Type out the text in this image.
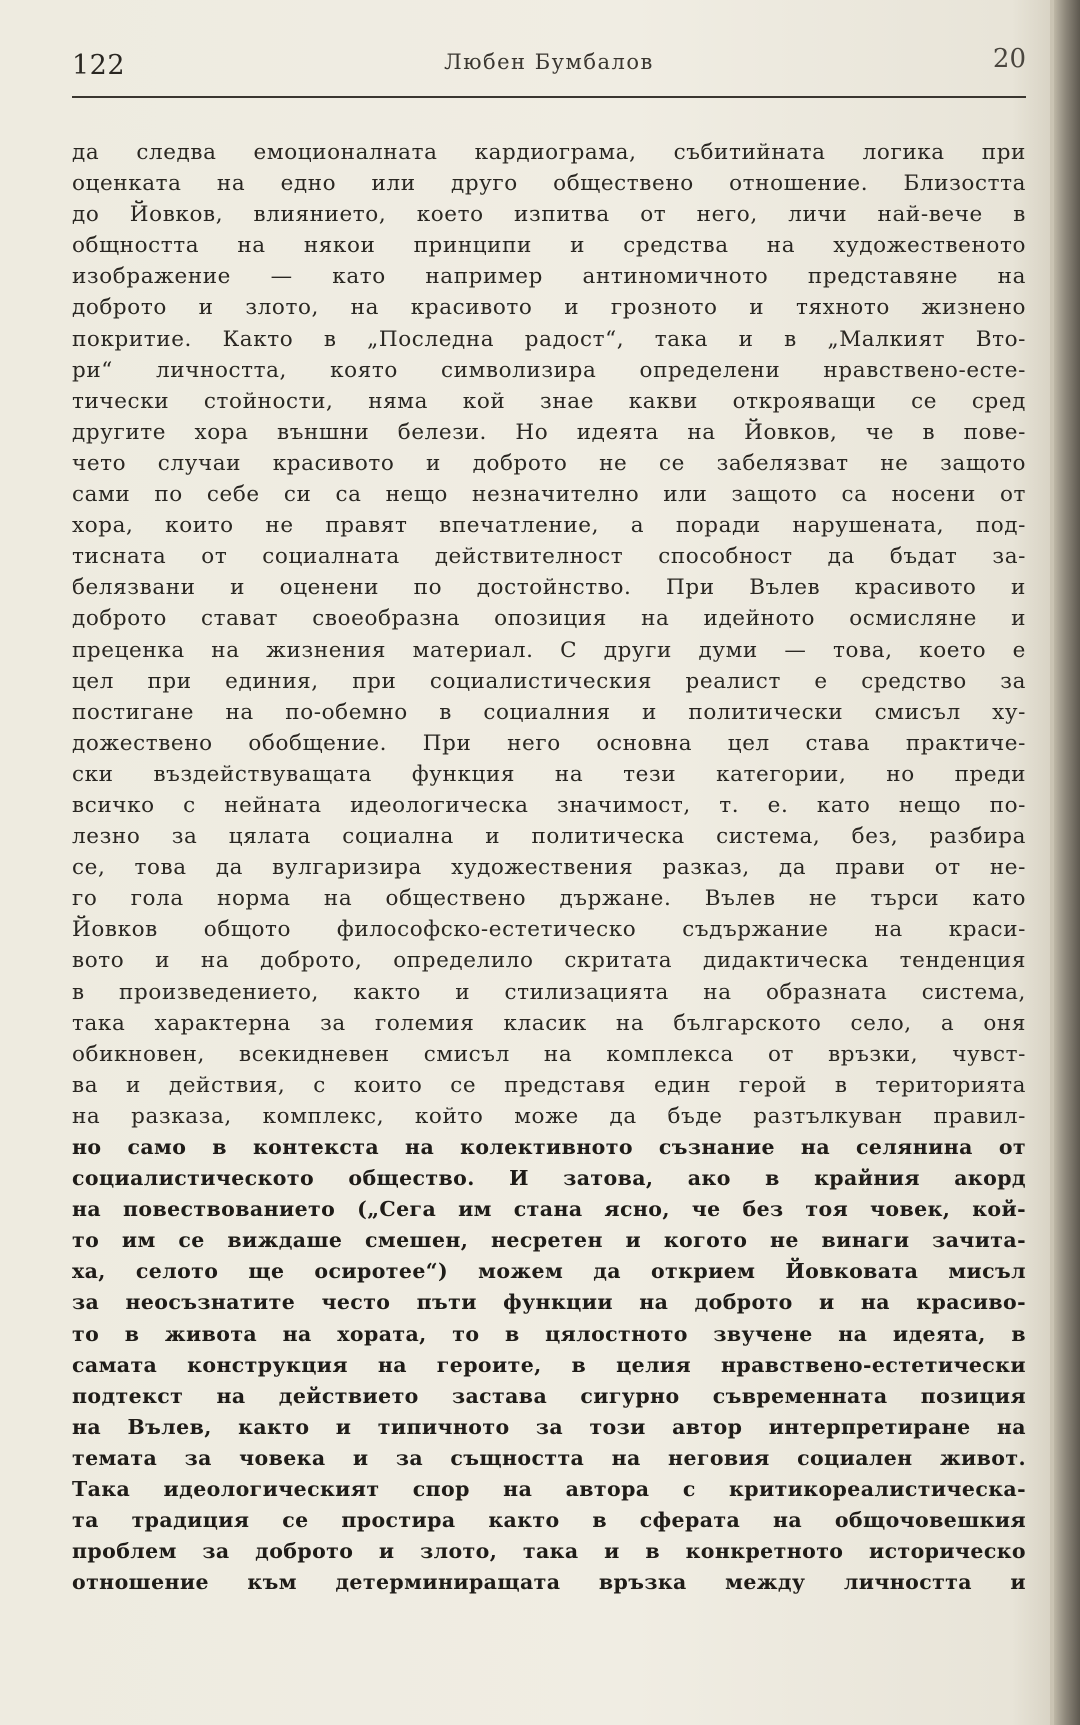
122	Любен Бумбалов	20
да следва емоционалната кардиограма, събитийната логика при
оценката на едно или друго обществено отношение. Близостта
до Йовков, влиянието, което изпитва от него, личи най-вече в
общността на някои принципи и средства на художественото
изображение — като например антиномичното представяне на
доброто и злото, на красивото и грозното и тяхното жизнено
покритие. Както в „Последна радост“, така и в „Малкият Вто-
ри“ личността, която символизира определени нравствено-есте-
тически стойности, няма кой знае какви открояващи се сред
другите хора външни белези. Но идеята на Йовков, че в пове-
чето случаи красивото и доброто не се забелязват не защото
сами по себе си са нещо незначително или защото са носени от
хора, които не правят впечатление, а поради нарушената, под-
тиснатa от социалната действителност способност да бъдат за-
белязвани и оценени по достойнство. При Вълев красивото и
доброто стават своеобразна опозиция на идейното осмисляне и
преценка на жизнения материал. С други думи — това, което е
цел при единия, при социалистическия реалист е средство за
постигане на по-обемно в социалния и политически смисъл ху-
дожествено обобщение. При него основна цел става практиче-
ски въздействуващата функция на тези категории, но преди
всичко с нейната идеологическа значимост, т. е. като нещо по-
лезно за цялата социална и политическа система, без, разбира
се, това да вулгаризира художествения разказ, да прави от не-
го гола норма на обществено държане. Вълев не търси като
Йовков общото философско-естетическо съдържание на краси-
вото и на доброто, определило скритата дидактическа тенденция
в произведението, както и стилизацията на образната система,
така характерна за големия класик на българското село, а оня
обикновен, всекидневен смисъл на комплекса от връзки, чувст-
ва и действия, с които се представя един герой в територията
на разказа, комплекс, който може да бъде разтълкуван правил-
но само в контекста на колективното съзнание на селянина от
социалистическото общество. И затова, ако в крайния акорд
на повествованието („Сега им стана ясно, че без тоя човек, кой-
то им се виждаше смешен, несретен и когото не винаги зачита-
ха, селото ще осиротее“) можем да открием Йовковата мисъл
за неосъзнатите често пъти функции на доброто и на красиво-
то в живота на хората, то в цялостното звучене на идеята, в
самата конструкция на героите, в целия нравствено-естетически
подтекст на действието застава сигурно съвременната позиция
на Вълев, както и типичното за този автор интерпретиране на
темата за човека и за същността на неговия социален живот.
Така идеологическият спор на автора с критикореалистическа-
та традиция се простира както в сферата на общочовешкия
проблем за доброто и злото, така и в конкретното историческо
отношение към детерминиращата връзка между личността и
